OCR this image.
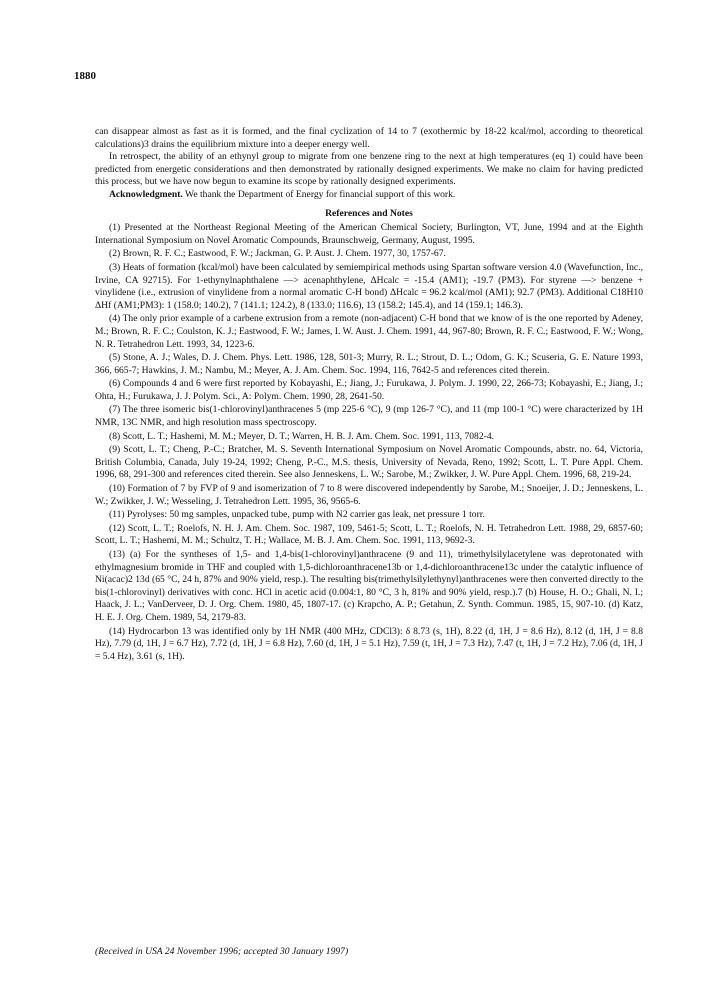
1880

can disappear almost as fast as it is formed, and the final cyclization of 14 to 7 (exothermic by 18-22 kcal/mol, according to theoretical calculations)3 drains the equilibrium mixture into a deeper energy well.

In retrospect, the ability of an ethynyl group to migrate from one benzene ring to the next at high temperatures (eq 1) could have been predicted from energetic considerations and then demonstrated by rationally designed experiments. We make no claim for having predicted this process, but we have now begun to examine its scope by rationally designed experiments.

Acknowledgment. We thank the Department of Energy for financial support of this work.

References and Notes

(1) Presented at the Northeast Regional Meeting of the American Chemical Society, Burlington, VT, June, 1994 and at the Eighth International Symposium on Novel Aromatic Compounds, Braunschweig, Germany, August, 1995.

(2) Brown, R. F. C.; Eastwood, F. W.; Jackman, G. P. Aust. J. Chem. 1977, 30, 1757-67.

(3) Heats of formation (kcal/mol) have been calculated by semiempirical methods using Spartan software version 4.0 (Wavefunction, Inc., Irvine, CA 92715). For 1-ethynylnaphthalene —> acenaphthylene, ΔHcalc = -15.4 (AM1); -19.7 (PM3). For styrene —> benzene + vinylidene (i.e., extrusion of vinylidene from a normal aromatic C-H bond) ΔHcalc = 96.2 kcal/mol (AM1); 92.7 (PM3). Additional C18H10 ΔHf (AM1;PM3): 1 (158.0; 140.2), 7 (141.1; 124.2), 8 (133.0; 116.6), 13 (158.2; 145.4), and 14 (159.1; 146.3).

(4) The only prior example of a carbene extrusion from a remote (non-adjacent) C-H bond that we know of is the one reported by Adeney, M.; Brown, R. F. C.; Coulston, K. J.; Eastwood, F. W.; James, I. W. Aust. J. Chem. 1991, 44, 967-80; Brown, R. F. C.; Eastwood, F. W.; Wong, N. R. Tetrahedron Lett. 1993, 34, 1223-6.

(5) Stone, A. J.; Wales, D. J. Chem. Phys. Lett. 1986, 128, 501-3; Murry, R. L.; Strout, D. L.; Odom, G. K.; Scuseria, G. E. Nature 1993, 366, 665-7; Hawkins, J. M.; Nambu, M.; Meyer, A. J. Am. Chem. Soc. 1994, 116, 7642-5 and references cited therein.

(6) Compounds 4 and 6 were first reported by Kobayashi, E.; Jiang, J.; Furukawa, J. Polym. J. 1990, 22, 266-73; Kobayashi, E.; Jiang, J.; Ohta, H.; Furukawa, J. J. Polym. Sci., A: Polym. Chem. 1990, 28, 2641-50.

(7) The three isomeric bis(1-chlorovinyl)anthracenes 5 (mp 225-6 °C), 9 (mp 126-7 °C), and 11 (mp 100-1 °C) were characterized by 1H NMR, 13C NMR, and high resolution mass spectroscopy.

(8) Scott, L. T.; Hashemi, M. M.; Meyer, D. T.; Warren, H. B. J. Am. Chem. Soc. 1991, 113, 7082-4.

(9) Scott, L. T.; Cheng, P.-C.; Bratcher, M. S. Seventh International Symposium on Novel Aromatic Compounds, abstr. no. 64, Victoria, British Columbia, Canada, July 19-24, 1992; Cheng, P.-C., M.S. thesis, University of Nevada, Reno, 1992; Scott, L. T. Pure Appl. Chem. 1996, 68, 291-300 and references cited therein. See also Jenneskens, L. W.; Sarobe, M.; Zwikker, J. W. Pure Appl. Chem. 1996, 68, 219-24.

(10) Formation of 7 by FVP of 9 and isomerization of 7 to 8 were discovered independently by Sarobe, M.; Snoeijer, J. D.; Jenneskens, L. W.; Zwikker, J. W.; Wesseling, J. Tetrahedron Lett. 1995, 36, 9565-6.

(11) Pyrolyses: 50 mg samples, unpacked tube, pump with N2 carrier gas leak, net pressure 1 torr.

(12) Scott, L. T.; Roelofs, N. H. J. Am. Chem. Soc. 1987, 109, 5461-5; Scott, L. T.; Roelofs, N. H. Tetrahedron Lett. 1988, 29, 6857-60; Scott, L. T.; Hashemi, M. M.; Schultz, T. H.; Wallace, M. B. J. Am. Chem. Soc. 1991, 113, 9692-3.

(13) (a) For the syntheses of 1,5- and 1,4-bis(1-chlorovinyl)anthracene (9 and 11), trimethylsilylacetylene was deprotonated with ethylmagnesium bromide in THF and coupled with 1,5-dichloroanthracene13b or 1,4-dichloroanthracene13c under the catalytic influence of Ni(acac)2 13d (65 °C, 24 h, 87% and 90% yield, resp.). The resulting bis(trimethylsilylethynyl)anthracenes were then converted directly to the bis(1-chlorovinyl) derivatives with conc. HCl in acetic acid (0.004:1, 80 °C, 3 h, 81% and 90% yield, resp.).7 (b) House, H. O.; Ghali, N. I.; Haack, J. L.; VanDerveer, D. J. Org. Chem. 1980, 45, 1807-17. (c) Krapcho, A. P.; Getahun, Z. Synth. Commun. 1985, 15, 907-10. (d) Katz, H. E. J. Org. Chem. 1989, 54, 2179-83.

(14) Hydrocarbon 13 was identified only by 1H NMR (400 MHz, CDCl3): δ 8.73 (s, 1H), 8.22 (d, 1H, J = 8.6 Hz), 8.12 (d, 1H, J = 8.8 Hz), 7.79 (d, 1H, J = 6.7 Hz), 7.72 (d, 1H, J = 6.8 Hz), 7.60 (d, 1H, J = 5.1 Hz), 7.59 (t, 1H, J = 7.3 Hz), 7.47 (t, 1H, J = 7.2 Hz), 7.06 (d, 1H, J = 5.4 Hz), 3.61 (s, 1H).

(Received in USA 24 November 1996; accepted 30 January 1997)
